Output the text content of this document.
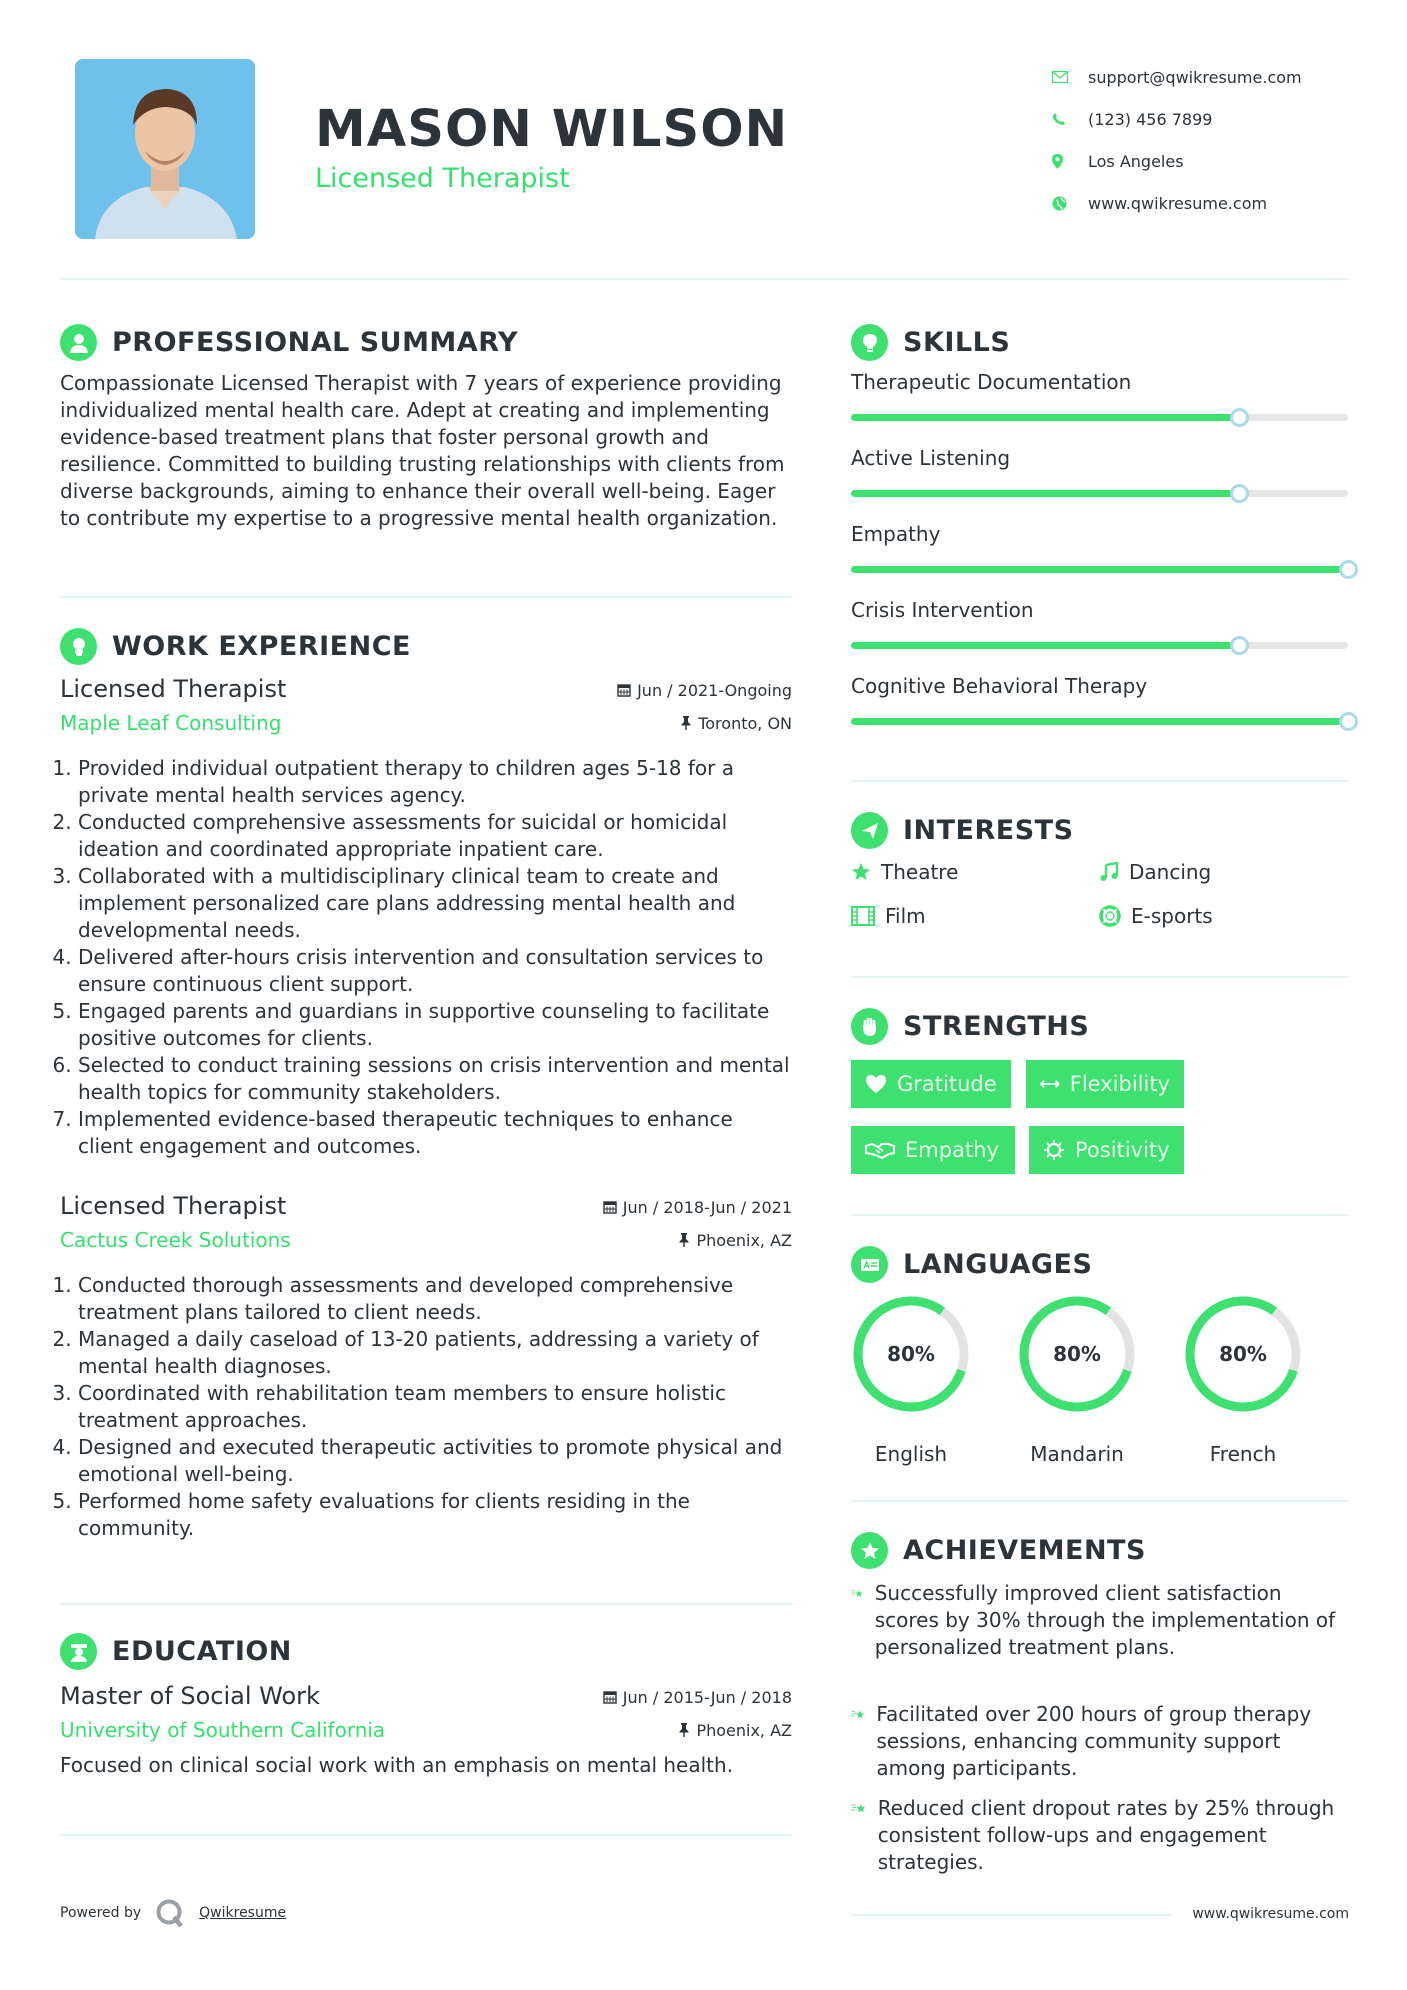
MASON WILSON
Licensed Therapist
support@qwikresume.com
(123) 456 7899
Los Angeles
www.qwikresume.com
PROFESSIONAL SUMMARY

Compassionate Licensed Therapist with 7 years of experience providing individualized mental health care. Adept at creating and implementing evidence-based treatment plans that foster personal growth and resilience. Committed to building trusting relationships with clients from diverse backgrounds, aiming to enhance their overall well-being. Eager to contribute my expertise to a progressive mental health organization.

WORK EXPERIENCE
Licensed Therapist	Jun / 2021-Ongoing
Maple Leaf Consulting	Toronto, ON
1. Provided individual outpatient therapy to children ages 5-18 for a private mental health services agency.
2. Conducted comprehensive assessments for suicidal or homicidal ideation and coordinated appropriate inpatient care.
3. Collaborated with a multidisciplinary clinical team to create and implement personalized care plans addressing mental health and developmental needs.
4. Delivered after-hours crisis intervention and consultation services to ensure continuous client support.
5. Engaged parents and guardians in supportive counseling to facilitate positive outcomes for clients.
6. Selected to conduct training sessions on crisis intervention and mental health topics for community stakeholders.
7. Implemented evidence-based therapeutic techniques to enhance client engagement and outcomes.
Licensed Therapist	Jun / 2018-Jun / 2021
Cactus Creek Solutions	Phoenix, AZ
1. Conducted thorough assessments and developed comprehensive treatment plans tailored to client needs.
2. Managed a daily caseload of 13-20 patients, addressing a variety of mental health diagnoses.
3. Coordinated with rehabilitation team members to ensure holistic treatment approaches.
4. Designed and executed therapeutic activities to promote physical and emotional well-being.
5. Performed home safety evaluations for clients residing in the community.
EDUCATION
Master of Social Work	Jun / 2015-Jun / 2018
University of Southern California	Phoenix, AZ

Focused on clinical social work with an emphasis on mental health.

SKILLS
Therapeutic Documentation
Active Listening
Empathy
Crisis Intervention
Cognitive Behavioral Therapy
INTERESTS
Theatre	Dancing
Film	E-sports
STRENGTHS
Gratitude	Flexibility
Empathy	Positivity
LANGUAGES
80%
English
80%
Mandarin
80%
French
ACHIEVEMENTS
Successfully improved client satisfaction scores by 30% through the implementation of personalized treatment plans.
Facilitated over 200 hours of group therapy sessions, enhancing community support among participants.
Reduced client dropout rates by 25% through consistent follow-ups and engagement strategies.
Powered by	Qwikresume	www.qwikresume.com
